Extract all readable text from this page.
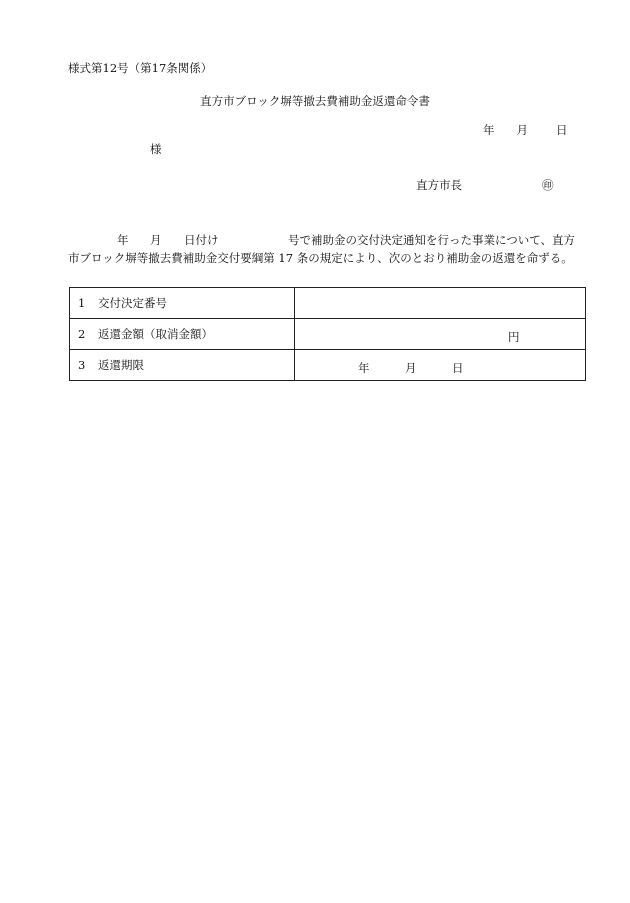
様式第12号（第17条関係）
直方市ブロック塀等撤去費補助金返還命令書
年 月 日
様
直方市長	㊞
年 月 日付け	号で補助金の交付決定通知を行った事業について、直方
市ブロック塀等撤去費補助金交付要綱第 17 条の規定により、次のとおり補助金の返還を命ずる。
1 交付決定番号	
2 返還金額（取消金額）	円

3 返還期限	年 月 日
